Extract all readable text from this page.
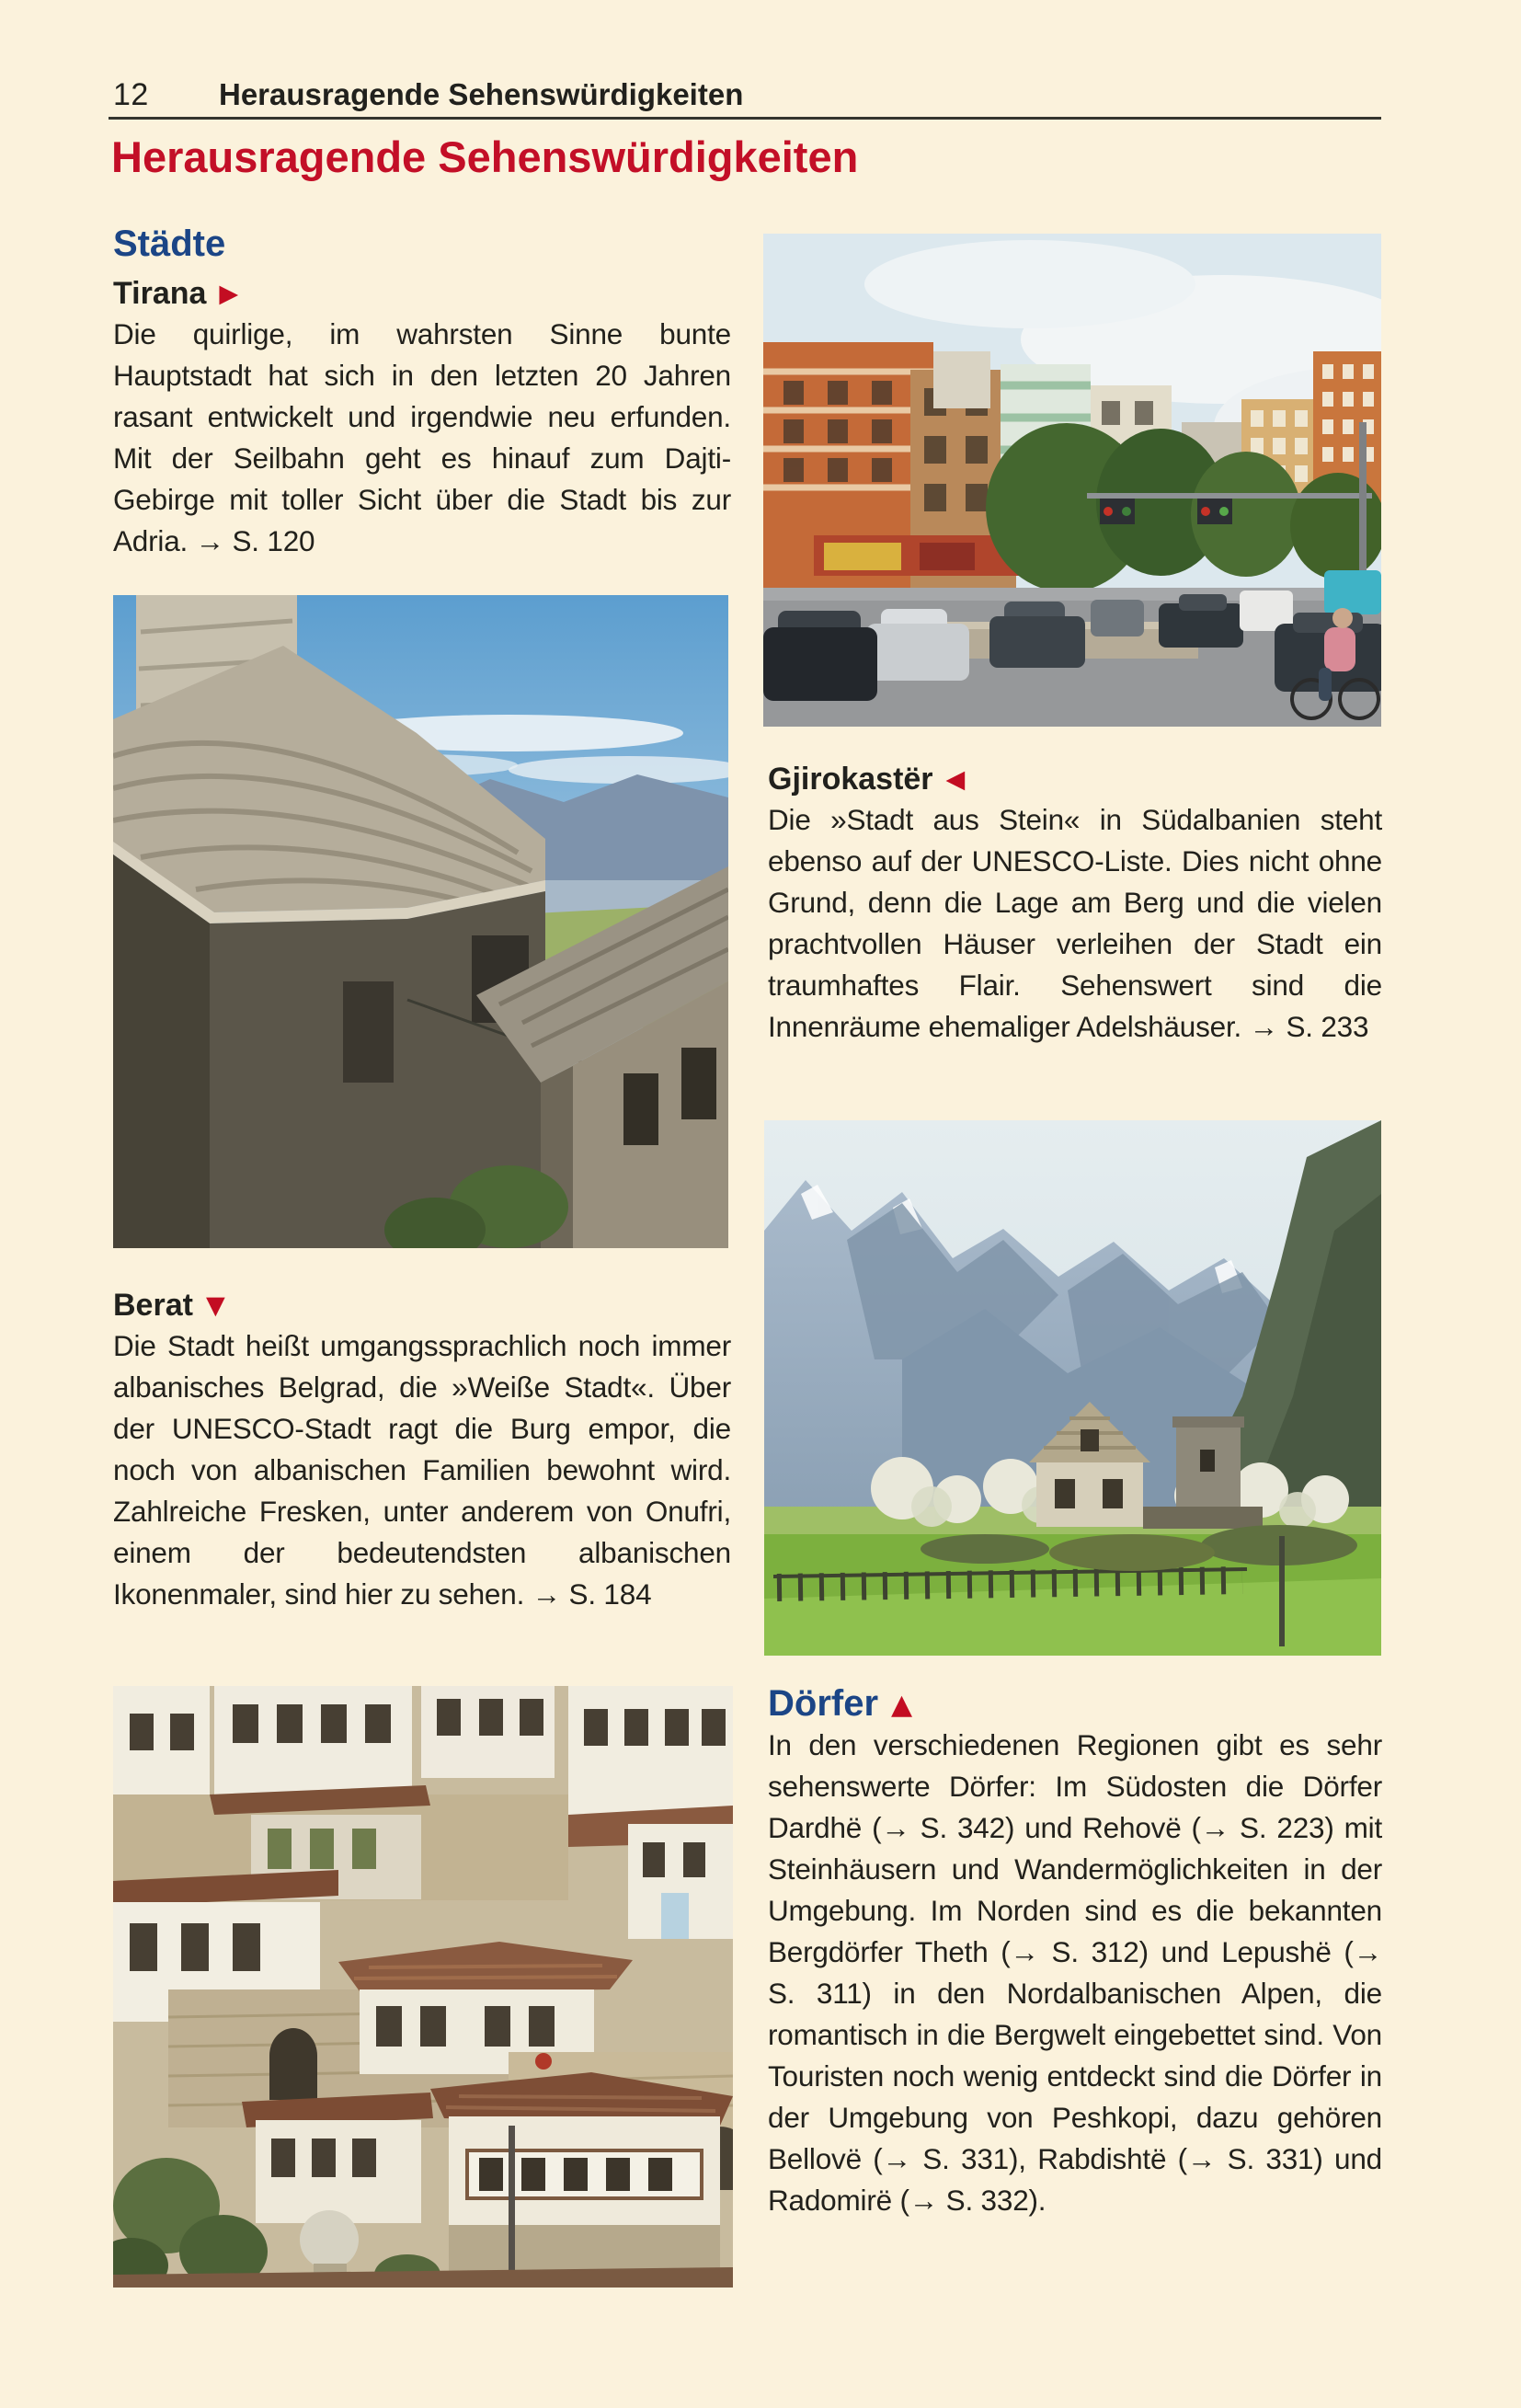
12 Herausragende Sehenswürdigkeiten
Herausragende Sehenswürdigkeiten
Städte
Tirana ▶

Die quirlige, im wahrsten Sinne bunte Hauptstadt hat sich in den letzten 20 Jahren rasant entwickelt und irgendwie neu erfunden. Mit der Seilbahn geht es hinauf zum Dajti-Gebirge mit toller Sicht über die Stadt bis zur Adria. → S. 120

Berat ▼

Die Stadt heißt umgangssprachlich noch immer albanisches Belgrad, die »Weiße Stadt«. Über der UNESCO-Stadt ragt die Burg empor, die noch von albanischen Familien bewohnt wird. Zahlreiche Fresken, unter anderem von Onufri, einem der bedeutendsten albanischen Ikonenmaler, sind hier zu sehen. → S. 184

Gjirokastër ◀

Die »Stadt aus Stein« in Südalbanien steht ebenso auf der UNESCO-Liste. Dies nicht ohne Grund, denn die Lage am Berg und die vielen prachtvollen Häuser verleihen der Stadt ein traumhaftes Flair. Sehenswert sind die Innenräume ehemaliger Adelshäuser. → S. 233

Dörfer ▲

In den verschiedenen Regionen gibt es sehr sehenswerte Dörfer: Im Südosten die Dörfer Dardhë (→ S. 342) und Rehovë (→ S. 223) mit Steinhäusern und Wandermöglichkeiten in der Umgebung. Im Norden sind es die bekannten Bergdörfer Theth (→ S. 312) und Lepushë (→ S. 311) in den Nordalbanischen Alpen, die romantisch in die Bergwelt eingebettet sind. Von Touristen noch wenig entdeckt sind die Dörfer in der Umgebung von Peshkopi, dazu gehören Bellovë (→ S. 331), Rabdishtë (→ S. 331) und Radomirë (→ S. 332).
